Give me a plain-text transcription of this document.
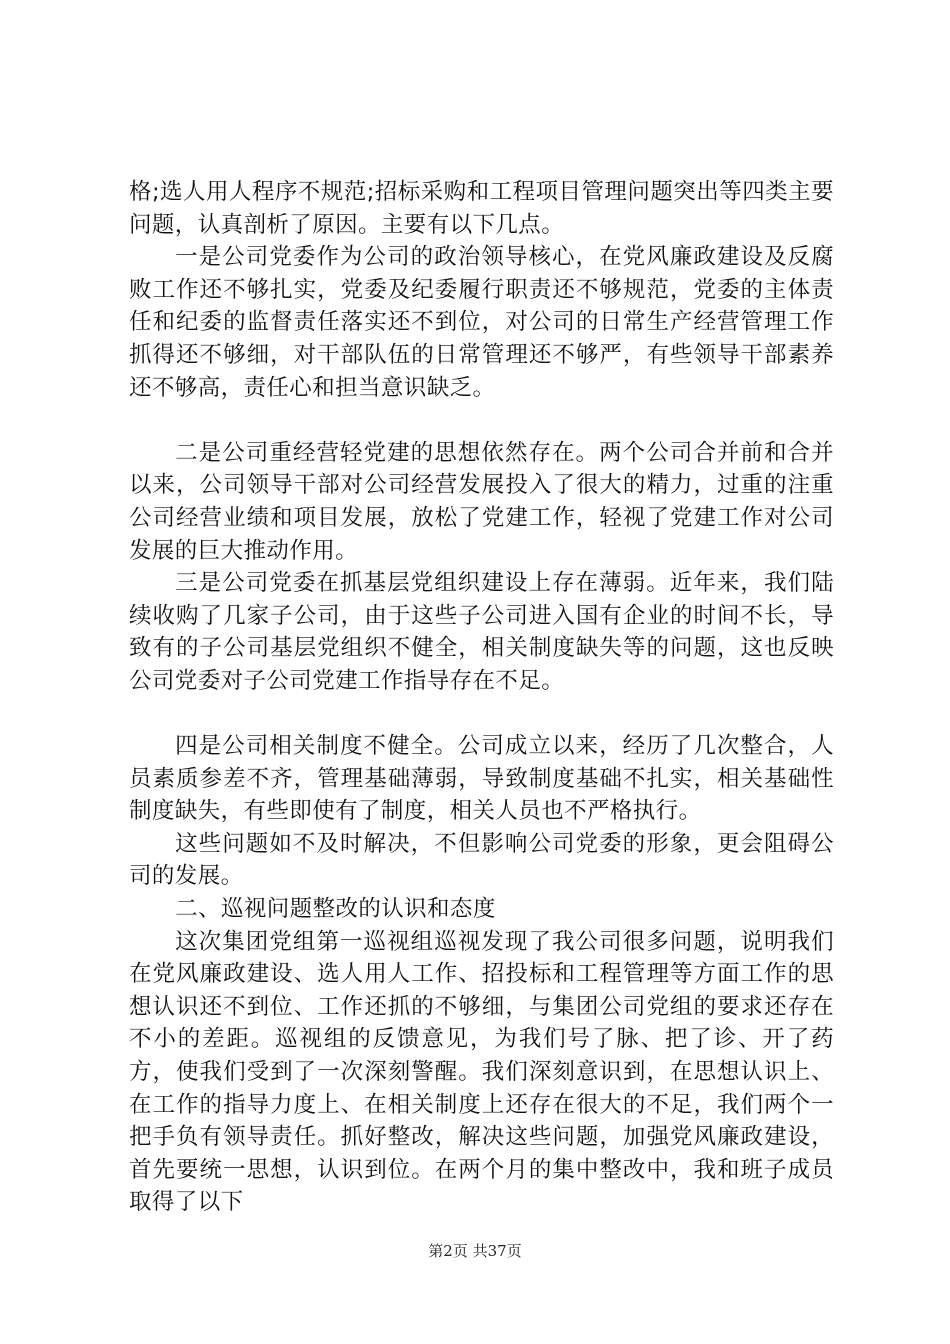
格;选人用人程序不规范;招标采购和工程项目管理问题突出等四类主要问题，认真剖析了原因。主要有以下几点。

一是公司党委作为公司的政治领导核心，在党风廉政建设及反腐败工作还不够扎实，党委及纪委履行职责还不够规范，党委的主体责任和纪委的监督责任落实还不到位，对公司的日常生产经营管理工作抓得还不够细，对干部队伍的日常管理还不够严，有些领导干部素养还不够高，责任心和担当意识缺乏。

二是公司重经营轻党建的思想依然存在。两个公司合并前和合并以来，公司领导干部对公司经营发展投入了很大的精力，过重的注重公司经营业绩和项目发展，放松了党建工作，轻视了党建工作对公司发展的巨大推动作用。

三是公司党委在抓基层党组织建设上存在薄弱。近年来，我们陆续收购了几家子公司，由于这些子公司进入国有企业的时间不长，导致有的子公司基层党组织不健全，相关制度缺失等的问题，这也反映公司党委对子公司党建工作指导存在不足。

四是公司相关制度不健全。公司成立以来，经历了几次整合，人员素质参差不齐，管理基础薄弱，导致制度基础不扎实，相关基础性制度缺失，有些即使有了制度，相关人员也不严格执行。

这些问题如不及时解决，不但影响公司党委的形象，更会阻碍公司的发展。

二、巡视问题整改的认识和态度

这次集团党组第一巡视组巡视发现了我公司很多问题，说明我们在党风廉政建设、选人用人工作、招投标和工程管理等方面工作的思想认识还不到位、工作还抓的不够细，与集团公司党组的要求还存在不小的差距。巡视组的反馈意见，为我们号了脉、把了诊、开了药方，使我们受到了一次深刻警醒。我们深刻意识到，在思想认识上、在工作的指导力度上、在相关制度上还存在很大的不足，我们两个一把手负有领导责任。抓好整改，解决这些问题，加强党风廉政建设，首先要统一思想，认识到位。在两个月的集中整改中，我和班子成员取得了以下

第2页 共37页
